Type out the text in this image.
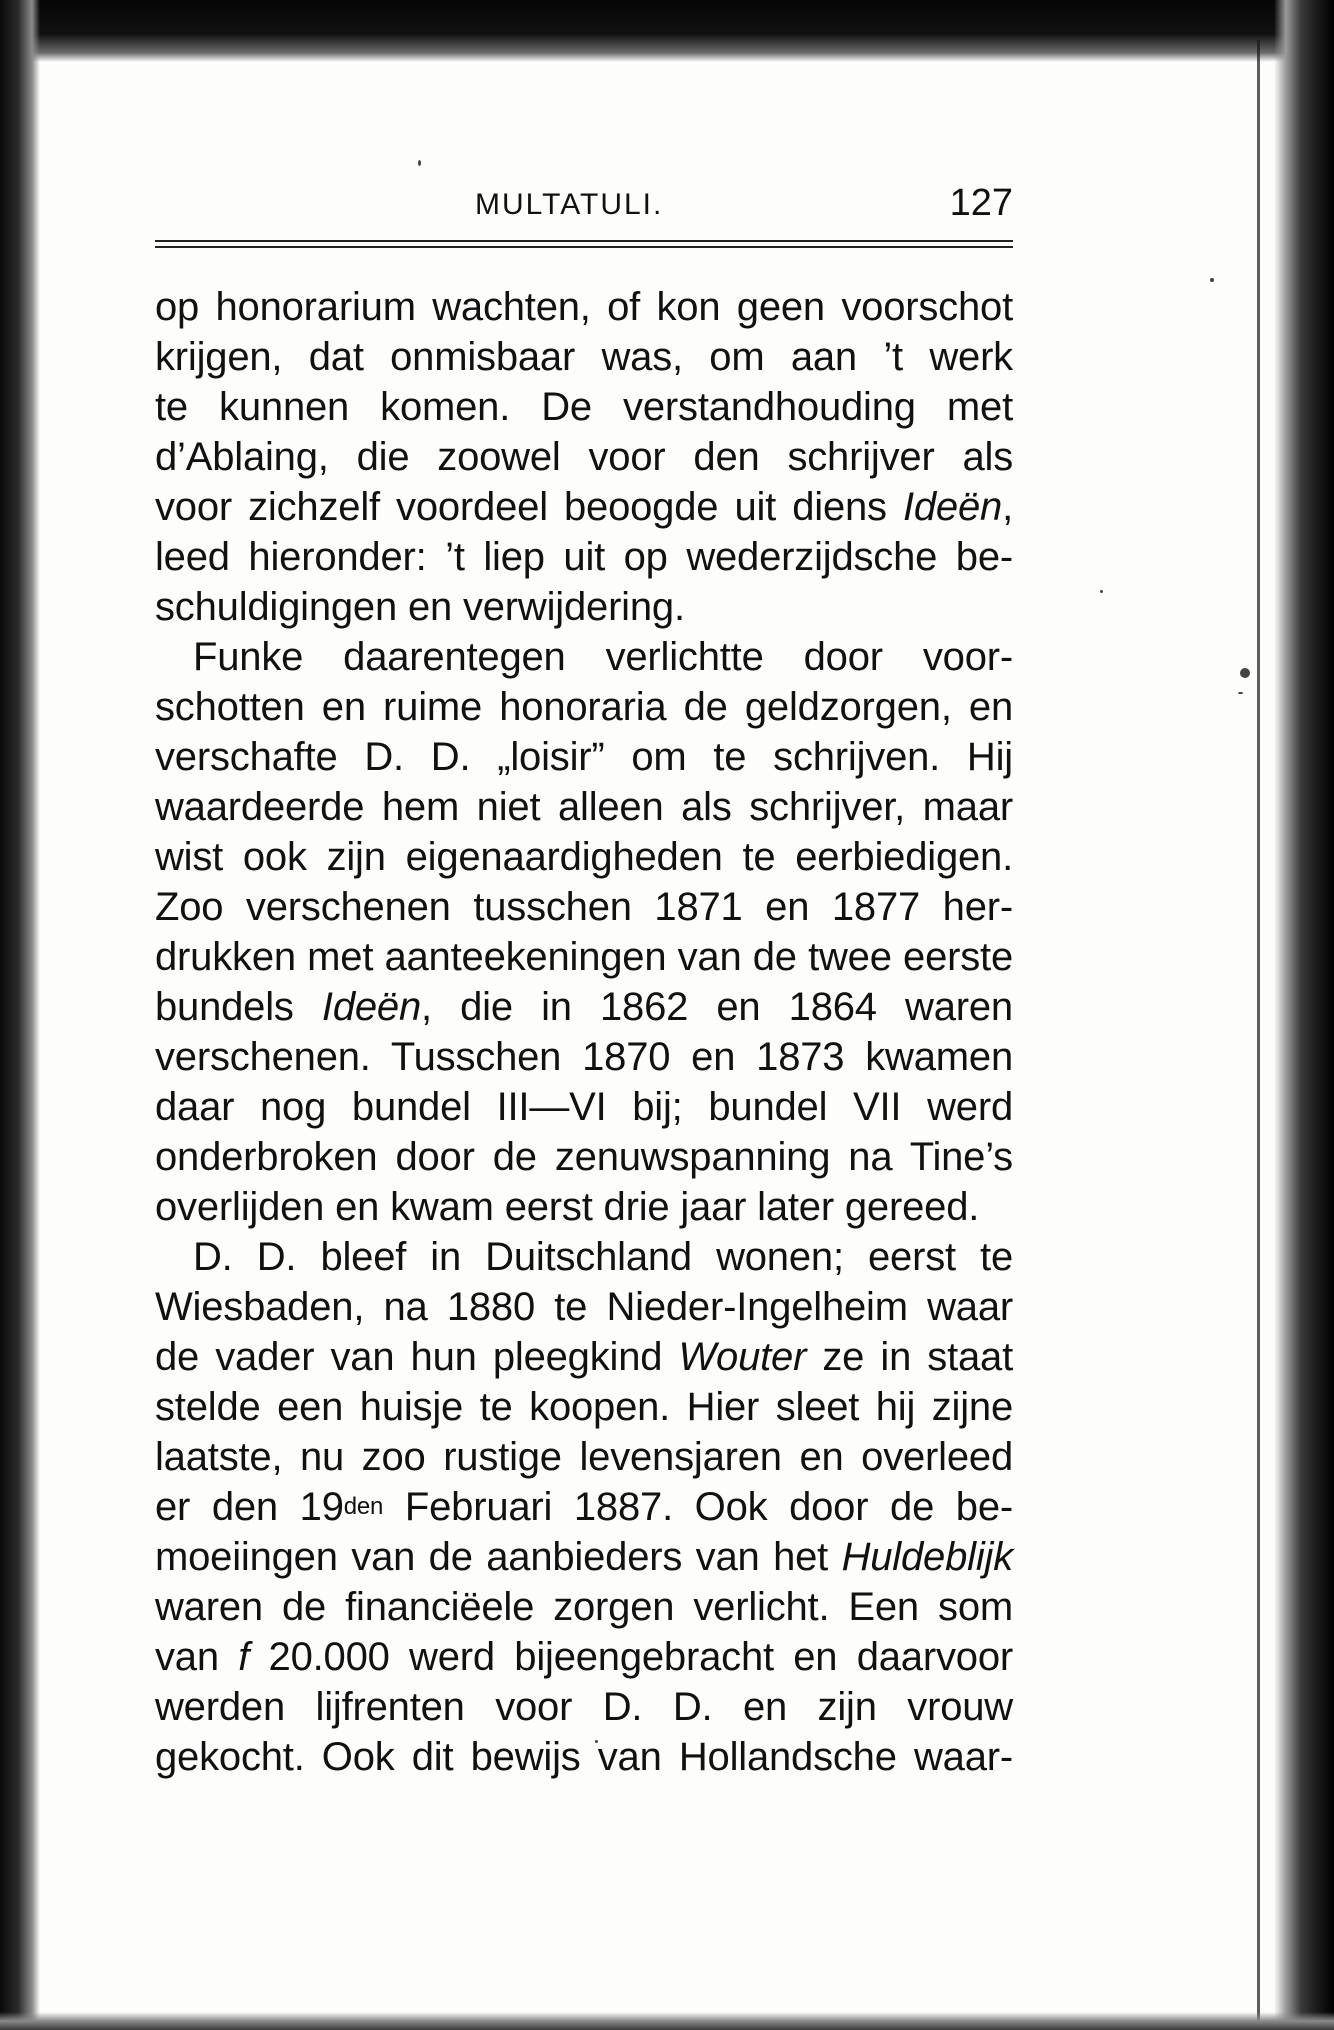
MULTATULI.	127
op honorarium wachten, of kon geen voorschot
krijgen, dat onmisbaar was, om aan ’t werk
te kunnen komen. De verstandhouding met
d’Ablaing, die zoowel voor den schrijver als
voor zichzelf voordeel beoogde uit diens Ideën,
leed hieronder: ’t liep uit op wederzijdsche be-
schuldigingen en verwijdering.
Funke daarentegen verlichtte door voor-
schotten en ruime honoraria de geldzorgen, en
verschafte D. D. „loisir” om te schrijven. Hij
waardeerde hem niet alleen als schrijver, maar
wist ook zijn eigenaardigheden te eerbiedigen.
Zoo verschenen tusschen 1871 en 1877 her-
drukken met aanteekeningen van de twee eerste
bundels Ideën, die in 1862 en 1864 waren
verschenen. Tusschen 1870 en 1873 kwamen
daar nog bundel III—VI bij; bundel VII werd
onderbroken door de zenuwspanning na Tine’s
overlijden en kwam eerst drie jaar later gereed.
D. D. bleef in Duitschland wonen; eerst te
Wiesbaden, na 1880 te Nieder-Ingelheim waar
de vader van hun pleegkind Wouter ze in staat
stelde een huisje te koopen. Hier sleet hij zijne
laatste, nu zoo rustige levensjaren en overleed
er den $19^{den}$ Februari 1887. Ook door de be-
moeiingen van de aanbieders van het Huldeblijk
waren de financiëele zorgen verlicht. Een som
van f 20.000 werd bijeengebracht en daarvoor
werden lijfrenten voor D. D. en zijn vrouw
gekocht. Ook dit bewijs van Hollandsche waar-
